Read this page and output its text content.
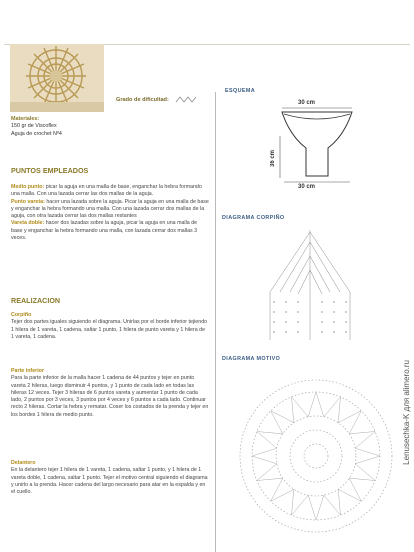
Grado de dificultad:
Materiales:
150 gr de Viscoflex
Aguja de crochet Nº4
PUNTOS EMPLEADOS
Medio punto: picar la aguja en una malla de base, enganchar la hebra formando una malla. Con una lazada cerrar las dos mallas de la aguja.
Punto vareta: hacer una lazada sobre la aguja. Picar la aguja en una malla de base y enganchar la hebra formando una malla. Con una lazada cerrar dos mallas de la aguja, con otra lazada cerrar las dos mallas restantes
Vareta doble: hacer dos lazadas sobre la aguja, picar la aguja en una malla de base y enganchar la hebra formando una malla, con lazada cerrar dos mallas 3 veces.
REALIZACION
Corpiño
Tejer dos partes iguales siguiendo el diagrama. Unirlas por el borde inferior tejiendo 1 hilera de 1 vareta, 1 cadena, saltar 1 punto, 1 hilera de punto vareta y 1 hilera de 1 vareta, 1 cadena.
Parte inferior
Para la parte inferior de la malla hacer 1 cadena de 44 puntos y tejer en punto vareta 2 hileras, luego disminuir 4 puntos, y 1 punto de cada lado en todas las hileras 12 veces. Tejer 3 hileras de 6 puntos vareta y aumentar 1 punto de cada lado, 2 puntos por 3 veces, 3 puntos por 4 veces y 6 puntos a cada lado. Continuar recto 2 hileras. Cortar la hebra y rematar. Coser los costados de la prenda y tejer en los bordes 1 hilera de medio punto.
Delantero
En la delantero tejer 1 hilera de 1 vareta, 1 cadena, saltar 1 punto, y 1 hilera de 1 vareta doble, 1 cadena, saltar 1 punto. Tejer el motivo central siguiendo el diagrama y unirlo a la prenda. Hacer cadena del largo necesario para atar en la espalda y en el cuello.
ESQUEMA
30 cm
36 cm
30 cm
DIAGRAMA CORPIÑO
DIAGRAMA MOTIVO
Lenusechka-K для alimero.ru
